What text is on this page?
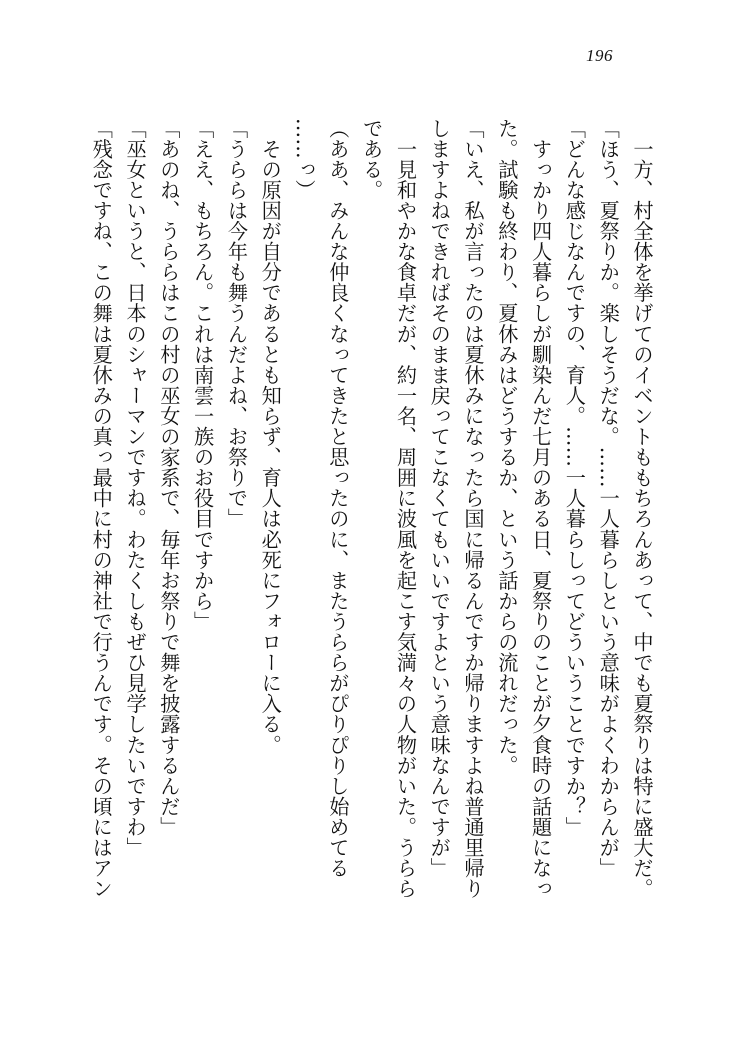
196
　一方、村全体を挙げてのイベントももちろんあって、中でも夏祭りは特に盛大だ。
「ほう、夏祭りか。楽しそうだな。……一人暮らしという意味がよくわからんが」
「どんな感じなんですの、育人。……一人暮らしってどういうことですか？」
　すっかり四人暮らしが馴染んだ七月のある日、夏祭りのことが夕食時の話題になっ
た。試験も終わり、夏休みはどうするか、という話からの流れだった。
「いえ、私が言ったのは夏休みになったら国に帰るんですか帰りますよね普通里帰り
しますよねできればそのまま戻ってこなくてもいいですよという意味なんですが」
　一見和やかな食卓だが、約一名、周囲に波風を起こす気満々の人物がいた。うらら
である。
（ああ、みんな仲良くなってきたと思ったのに、またうららがぴりぴりし始めてる
……っ）
　その原因が自分であるとも知らず、育人は必死にフォローに入る。
「うららは今年も舞うんだよね、お祭りで」
「ええ、もちろん。これは南雲一族のお役目ですから」
「あのね、うららはこの村の巫女の家系で、毎年お祭りで舞を披露するんだ」
「巫女というと、日本のシャーマンですね。わたくしもぜひ見学したいですわ」
「残念ですね、この舞は夏休みの真っ最中に村の神社で行うんです。その頃にはアン
